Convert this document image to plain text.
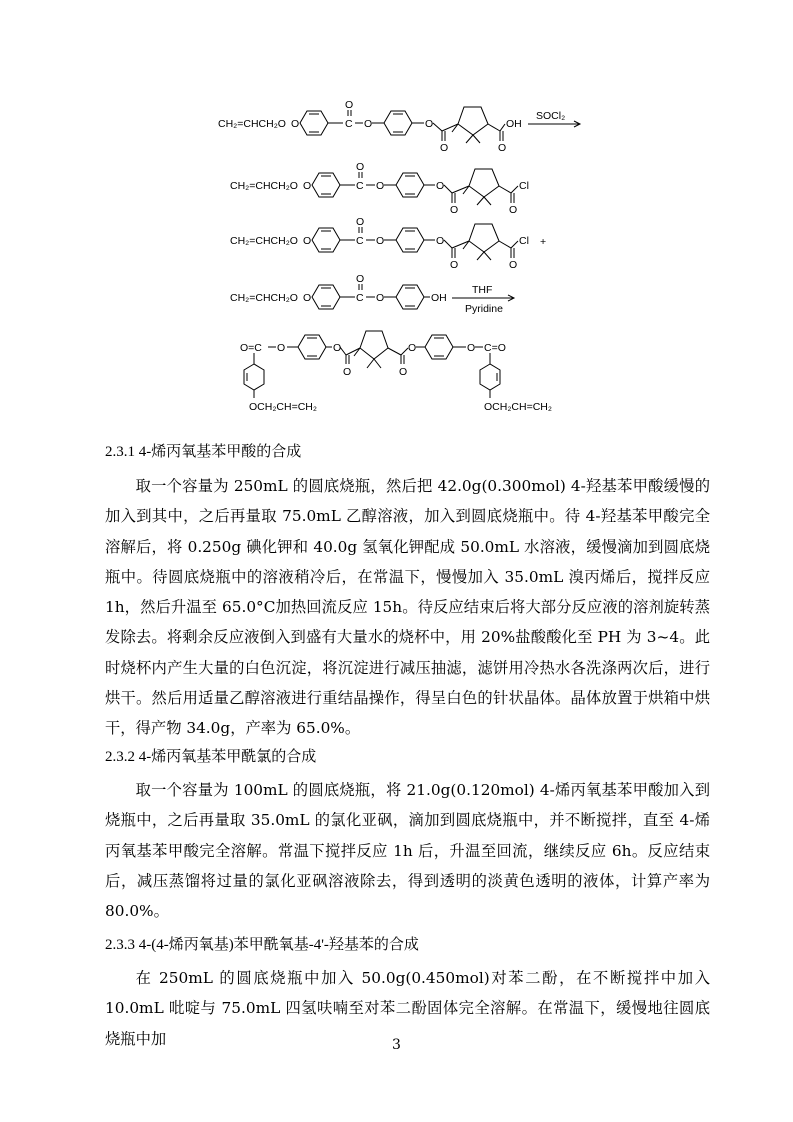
CH₂=CHCH₂O O
O
C O	O
O	O
OH
SOCl₂
CH₂=CHCH₂O O
O
C O	O
O	O
Cl
CH₂=CHCH₂O O
O
C O	O
O	O
Cl +
CH₂=CHCH₂O O
O
C O	OH
THF
Pyridine
O=C O	O
O	O
O	O C=O
OCH₂CH=CH₂	OCH₂CH=CH₂

2.3.1 4-烯丙氧基苯甲酸的合成

取一个容量为 250mL 的圆底烧瓶，然后把 42.0g(0.300mol) 4-羟基苯甲酸缓慢的加入到其中，之后再量取 75.0mL 乙醇溶液，加入到圆底烧瓶中。待 4-羟基苯甲酸完全溶解后，将 0.250g 碘化钾和 40.0g 氢氧化钾配成 50.0mL 水溶液，缓慢滴加到圆底烧瓶中。待圆底烧瓶中的溶液稍冷后，在常温下，慢慢加入 35.0mL 溴丙烯后，搅拌反应 1h，然后升温至 65.0°C加热回流反应 15h。待反应结束后将大部分反应液的溶剂旋转蒸发除去。将剩余反应液倒入到盛有大量水的烧杯中，用 20%盐酸酸化至 PH 为 3~4。此时烧杯内产生大量的白色沉淀，将沉淀进行减压抽滤，滤饼用冷热水各洗涤两次后，进行烘干。然后用适量乙醇溶液进行重结晶操作，得呈白色的针状晶体。晶体放置于烘箱中烘干，得产物 34.0g，产率为 65.0%。

2.3.2 4-烯丙氧基苯甲酰氯的合成

取一个容量为 100mL 的圆底烧瓶，将 21.0g(0.120mol) 4-烯丙氧基苯甲酸加入到烧瓶中，之后再量取 35.0mL 的氯化亚砜，滴加到圆底烧瓶中，并不断搅拌，直至 4-烯丙氧基苯甲酸完全溶解。常温下搅拌反应 1h 后，升温至回流，继续反应 6h。反应结束后，减压蒸馏将过量的氯化亚砜溶液除去，得到透明的淡黄色透明的液体，计算产率为 80.0%。

2.3.3 4-(4-烯丙氧基)苯甲酰氧基-4'-羟基苯的合成

在 250mL 的圆底烧瓶中加入 50.0g(0.450mol)对苯二酚，在不断搅拌中加入 10.0mL 吡啶与 75.0mL 四氢呋喃至对苯二酚固体完全溶解。在常温下，缓慢地往圆底烧瓶中加	3
